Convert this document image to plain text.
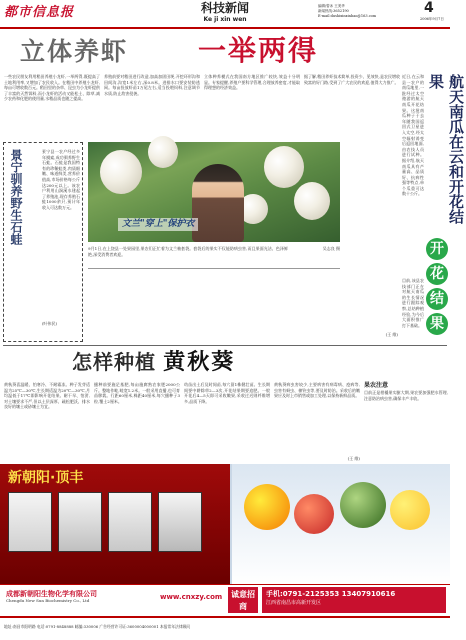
都市信息报	科技新闻
Ke ji xin wen
编辑/曾冰 王美华
新闻热线:3652190
E-mail:dushixinxinbao@163.com	4
2006年9月7日
立体养虾 一举两得
一些农民朋友利用稻田养殖小龙虾,一举两得,既提高了土地利用率,又增加了农民收入。在稻田中养殖小龙虾,每亩可增收数百元。稻田里的杂草、昆虫为小龙虾提供了丰富的天然饵料,而小龙虾的活动又能松土、除草,减少农药和化肥的使用量,水稻品质也随之提高。
养殖前要对稻田进行改造,加高加固田埂,开挖环形沟和田间沟,沟宽1米左右,深0.8米。进排水口要安装防逃网。每亩投放虾苗1万尾左右,适当投喂饲料,注意调节水质,防止敌害侵袭。
立体种养模式在我国南方地区推广较快,效益十分明显。专家提醒,养殖户要科学管理,合理放养密度,才能取得理想的经济效益。
据了解,稻田养虾技术简单,投资少、见效快,是农民增收致富的好门路,受到了广大农民的欢迎,值得大力推广。
景宁驯养野生石蛙	景宁县一农户经过多年摸索,成功驯养野生石蛙。石蛙是我国特有的珍稀蛙类,肉质细嫩、味道鲜美,营养价值高,市场价格每公斤达200元以上。该农户利用山涧溪水建起了养殖池,现存养殖石蛙1000余只,预计年收入可达数万元。
(叶伟民)
文兰"穿上"保护衣
9月1日,在上饶县一处果园里,果农们正忙着为文兰柚套袋。套袋后的果实不仅能防病虫害,而且果面光洁、色泽鲜艳,深受消费者欢迎。
吴志良 摄
航天南瓜在云和开花结果
近日,在云和县一农户的南瓜地里,一批经过太空遨游的航天南瓜开花结果。这批南瓜种子于去年随我国返回式卫星进入太空,经太空辐射诱变后返回地面,由农技人员进行试种。据介绍,航天南瓜具有产量高、品质好、抗病性强等特点,单个瓜重可达数十公斤。
开
花
结
果
目前,该县农技部门正在对航天南瓜的生长情况进行跟踪观察,总结种植经验,为今后大面积推广打下基础。
(王 维)
怎样种植 黄秋葵
黄秋葵喜温暖、怕寒冷、不耐霜冻。种子发芽适温为25℃—30℃,生长期适温为20℃—30℃,月均温低于17℃即影响开花结果。耐干旱、怕涝,对土壤要求不严,但以土层深厚、疏松肥沃、排水良好的壤土或砂壤土为宜。
播种前要施足基肥,每亩施腐熟农家肥2000公斤。整地作畦,畦宽1.2米。一般采用直播,也可育苗移栽。行距60厘米,株距40厘米,每穴播种子3粒,覆土2厘米。
幼苗出土后及时间苗,每穴留1株健壮苗。生长期间要中耕除草2—3次,开花结果期要追肥。一般开花后4—5天即可采收嫩果,采收过迟则纤维增多,品质下降。
黄秋葵病虫害较少,主要病害有病毒病、疫病等,虫害有蚜虫、棉铃虫等,要及时防治。采收后的嫩果应及时上市销售或加工处理,以保持新鲜品质。
(王 维)
果农注意
目前正是柑橘果实膨大期,果农要加强肥水管理,注意防治病虫害,确保丰产丰收。
新朝阳·顶丰
成都新朝阳生物化学有限公司
Chengdu New Sun Biochemistry Co., Ltd	www.cnxzy.com	诚意招商
手机:0791-2125353 13407910616
江西省南昌市高新开发区
地址:南昌市阳明路 电话:0791-8848888 邮编:330006 广告经营许可证:3600004000001 本报常年法律顾问
